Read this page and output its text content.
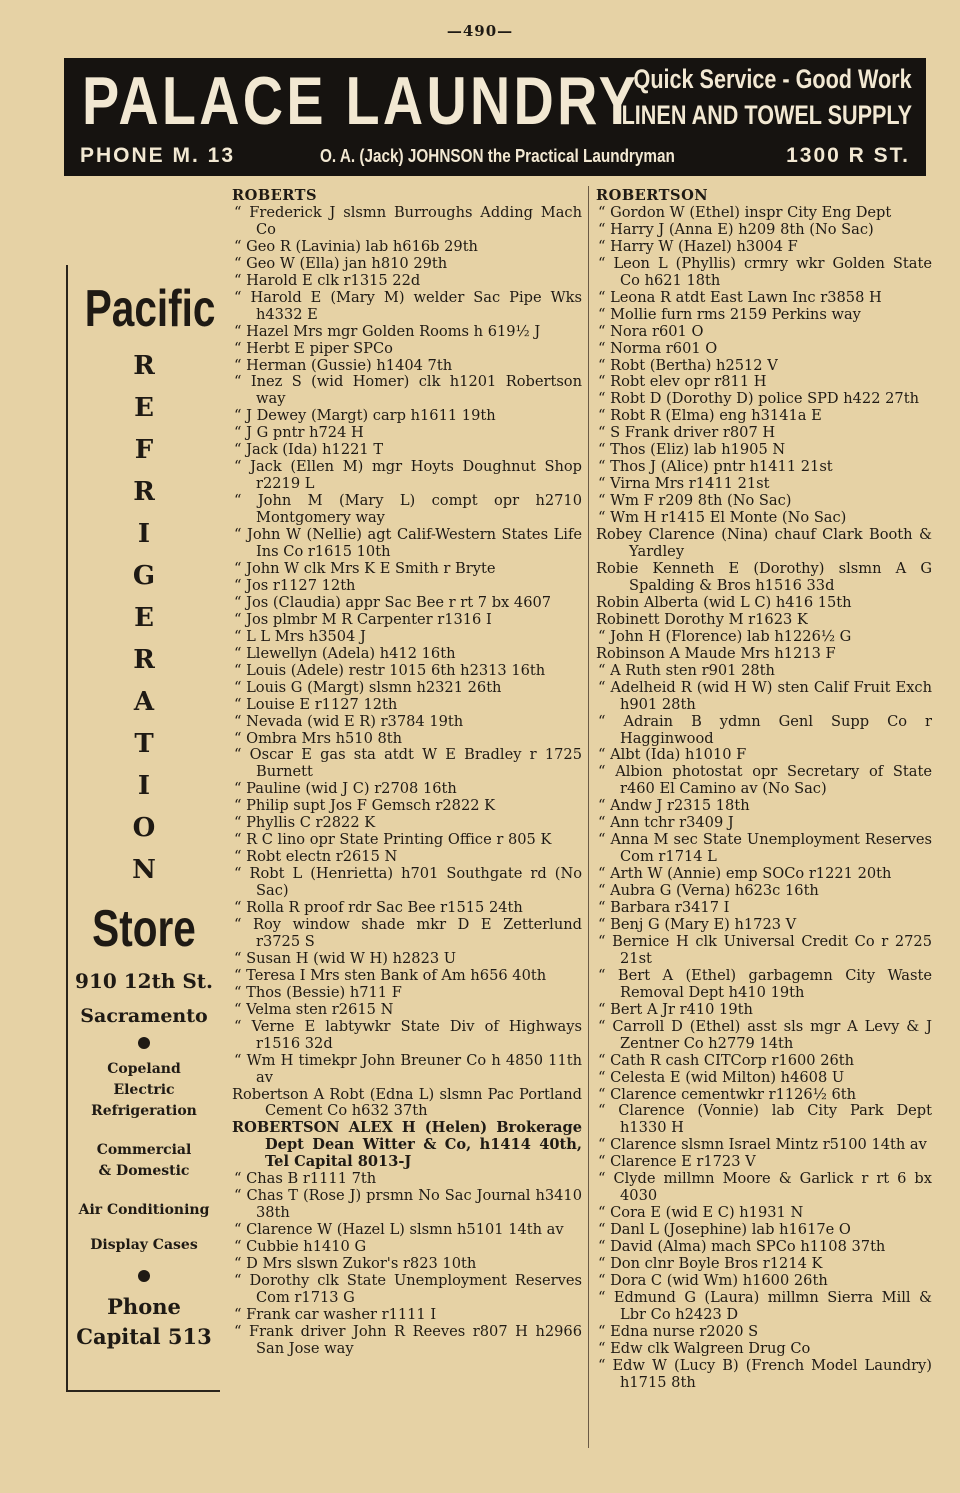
—490—
PALACE LAUNDRY
Quick Service - Good Work
LINEN AND TOWEL SUPPLY
PHONE M. 13	O. A. (Jack) JOHNSON the Practical Laundryman	1300 R ST.
Pacific
R
E
F
R
I
G
E
R
A
T
I
O
N
Store
910 12th St.
Sacramento
Copeland
Electric
Refrigeration
Commercial
& Domestic
Air Conditioning
Display Cases
Phone
Capital 513
ROBERTS
“ Frederick J slsmn Burroughs Adding Mach Co
“ Geo R (Lavinia) lab h616b 29th
“ Geo W (Ella) jan h810 29th
“ Harold E clk r1315 22d
“ Harold E (Mary M) welder Sac Pipe Wks h4332 E
“ Hazel Mrs mgr Golden Rooms h 619½ J
“ Herbt E piper SPCo
“ Herman (Gussie) h1404 7th
“ Inez S (wid Homer) clk h1201 Robertson way
“ J Dewey (Margt) carp h1611 19th
“ J G pntr h724 H
“ Jack (Ida) h1221 T
“ Jack (Ellen M) mgr Hoyts Doughnut Shop r2219 L
“ John M (Mary L) compt opr h2710 Montgomery way
“ John W (Nellie) agt Calif-Western States Life Ins Co r1615 10th
“ John W clk Mrs K E Smith r Bryte
“ Jos r1127 12th
“ Jos (Claudia) appr Sac Bee r rt 7 bx 4607
“ Jos plmbr M R Carpenter r1316 I
“ L L Mrs h3504 J
“ Llewellyn (Adela) h412 16th
“ Louis (Adele) restr 1015 6th h2313 16th
“ Louis G (Margt) slsmn h2321 26th
“ Louise E r1127 12th
“ Nevada (wid E R) r3784 19th
“ Ombra Mrs h510 8th
“ Oscar E gas sta atdt W E Bradley r 1725 Burnett
“ Pauline (wid J C) r2708 16th
“ Philip supt Jos F Gemsch r2822 K
“ Phyllis C r2822 K
“ R C lino opr State Printing Office r 805 K
“ Robt electn r2615 N
“ Robt L (Henrietta) h701 Southgate rd (No Sac)
“ Rolla R proof rdr Sac Bee r1515 24th
“ Roy window shade mkr D E Zetterlund r3725 S
“ Susan H (wid W H) h2823 U
“ Teresa I Mrs sten Bank of Am h656 40th
“ Thos (Bessie) h711 F
“ Velma sten r2615 N
“ Verne E labtywkr State Div of Highways r1516 32d
“ Wm H timekpr John Breuner Co h 4850 11th av
Robertson A Robt (Edna L) slsmn Pac Portland Cement Co h632 37th
ROBERTSON ALEX H (Helen) Brokerage Dept Dean Witter & Co, h1414 40th, Tel Capital 8013-J
“ Chas B r1111 7th
“ Chas T (Rose J) prsmn No Sac Journal h3410 38th
“ Clarence W (Hazel L) slsmn h5101 14th av
“ Cubbie h1410 G
“ D Mrs slswn Zukor's r823 10th
“ Dorothy clk State Unemployment Reserves Com r1713 G
“ Frank car washer r1111 I
“ Frank driver John R Reeves r807 H h2966 San Jose way
ROBERTSON
“ Gordon W (Ethel) inspr City Eng Dept
“ Harry J (Anna E) h209 8th (No Sac)
“ Harry W (Hazel) h3004 F
“ Leon L (Phyllis) crmry wkr Golden State Co h621 18th
“ Leona R atdt East Lawn Inc r3858 H
“ Mollie furn rms 2159 Perkins way
“ Nora r601 O
“ Norma r601 O
“ Robt (Bertha) h2512 V
“ Robt elev opr r811 H
“ Robt D (Dorothy D) police SPD h422 27th
“ Robt R (Elma) eng h3141a E
“ S Frank driver r807 H
“ Thos (Eliz) lab h1905 N
“ Thos J (Alice) pntr h1411 21st
“ Virna Mrs r1411 21st
“ Wm F r209 8th (No Sac)
“ Wm H r1415 El Monte (No Sac)
Robey Clarence (Nina) chauf Clark Booth & Yardley
Robie Kenneth E (Dorothy) slsmn A G Spalding & Bros h1516 33d
Robin Alberta (wid L C) h416 15th
Robinett Dorothy M r1623 K
“ John H (Florence) lab h1226½ G
Robinson A Maude Mrs h1213 F
“ A Ruth sten r901 28th
“ Adelheid R (wid H W) sten Calif Fruit Exch h901 28th
“ Adrain B ydmn Genl Supp Co r Hagginwood
“ Albt (Ida) h1010 F
“ Albion photostat opr Secretary of State r460 El Camino av (No Sac)
“ Andw J r2315 18th
“ Ann tchr r3409 J
“ Anna M sec State Unemployment Reserves Com r1714 L
“ Arth W (Annie) emp SOCo r1221 20th
“ Aubra G (Verna) h623c 16th
“ Barbara r3417 I
“ Benj G (Mary E) h1723 V
“ Bernice H clk Universal Credit Co r 2725 21st
“ Bert A (Ethel) garbagemn City Waste Removal Dept h410 19th
“ Bert A Jr r410 19th
“ Carroll D (Ethel) asst sls mgr A Levy & J Zentner Co h2779 14th
“ Cath R cash CITCorp r1600 26th
“ Celesta E (wid Milton) h4608 U
“ Clarence cementwkr r1126½ 6th
“ Clarence (Vonnie) lab City Park Dept h1330 H
“ Clarence slsmn Israel Mintz r5100 14th av
“ Clarence E r1723 V
“ Clyde millmn Moore & Garlick r rt 6 bx 4030
“ Cora E (wid E C) h1931 N
“ Danl L (Josephine) lab h1617e O
“ David (Alma) mach SPCo h1108 37th
“ Don clnr Boyle Bros r1214 K
“ Dora C (wid Wm) h1600 26th
“ Edmund G (Laura) millmn Sierra Mill & Lbr Co h2423 D
“ Edna nurse r2020 S
“ Edw clk Walgreen Drug Co
“ Edw W (Lucy B) (French Model Laundry) h1715 8th
